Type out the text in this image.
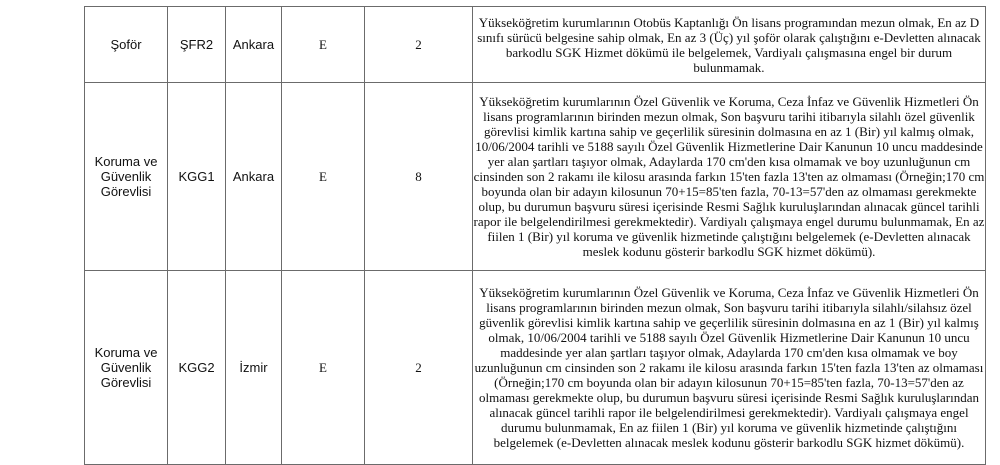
Şoför	ŞFR2	Ankara	E	2	Yükseköğretim kurumlarının Otobüs Kaptanlığı Ön lisans programından mezun olmak, En az D sınıfı sürücü belgesine sahip olmak, En az 3 (Üç) yıl şoför olarak çalıştığını e-Devletten alınacak barkodlu SGK Hizmet dökümü ile belgelemek, Vardiyalı çalışmasına engel bir durum bulunmamak.
Koruma ve Güvenlik Görevlisi	KGG1	Ankara	E	8	Yükseköğretim kurumlarının Özel Güvenlik ve Koruma, Ceza İnfaz ve Güvenlik Hizmetleri Ön lisans programlarının birinden mezun olmak, Son başvuru tarihi itibarıyla silahlı özel güvenlik görevlisi kimlik kartına sahip ve geçerlilik süresinin dolmasına en az 1 (Bir) yıl kalmış olmak, 10/06/2004 tarihli ve 5188 sayılı Özel Güvenlik Hizmetlerine Dair Kanunun 10 uncu maddesinde yer alan şartları taşıyor olmak, Adaylarda 170 cm'den kısa olmamak ve boy uzunluğunun cm cinsinden son 2 rakamı ile kilosu arasında farkın 15'ten fazla 13'ten az olmaması (Örneğin;170 cm boyunda olan bir adayın kilosunun 70+15=85'ten fazla, 70-13=57'den az olmaması gerekmekte olup, bu durumun başvuru süresi içerisinde Resmi Sağlık kuruluşlarından alınacak güncel tarihli rapor ile belgelendirilmesi gerekmektedir). Vardiyalı çalışmaya engel durumu bulunmamak, En az fiilen 1 (Bir) yıl koruma ve güvenlik hizmetinde çalıştığını belgelemek (e-Devletten alınacak meslek kodunu gösterir barkodlu SGK hizmet dökümü).
Koruma ve Güvenlik Görevlisi	KGG2	İzmir	E	2	Yükseköğretim kurumlarının Özel Güvenlik ve Koruma, Ceza İnfaz ve Güvenlik Hizmetleri Ön lisans programlarının birinden mezun olmak, Son başvuru tarihi itibarıyla silahlı/silahsız özel güvenlik görevlisi kimlik kartına sahip ve geçerlilik süresinin dolmasına en az 1 (Bir) yıl kalmış olmak, 10/06/2004 tarihli ve 5188 sayılı Özel Güvenlik Hizmetlerine Dair Kanunun 10 uncu maddesinde yer alan şartları taşıyor olmak, Adaylarda 170 cm'den kısa olmamak ve boy uzunluğunun cm cinsinden son 2 rakamı ile kilosu arasında farkın 15'ten fazla 13'ten az olmaması (Örneğin;170 cm boyunda olan bir adayın kilosunun 70+15=85'ten fazla, 70-13=57'den az olmaması gerekmekte olup, bu durumun başvuru süresi içerisinde Resmi Sağlık kuruluşlarından alınacak güncel tarihli rapor ile belgelendirilmesi gerekmektedir). Vardiyalı çalışmaya engel durumu bulunmamak, En az fiilen 1 (Bir) yıl koruma ve güvenlik hizmetinde çalıştığını belgelemek (e-Devletten alınacak meslek kodunu gösterir barkodlu SGK hizmet dökümü).
